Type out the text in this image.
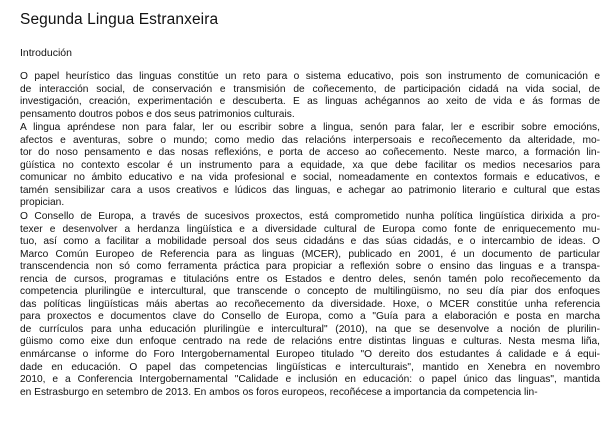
Segunda Lingua Estranxeira
Introdución

O papel heurístico das linguas constitúe un reto para o sistema educativo, pois son instrumento de comunicación e
de interacción social, de conservación e transmisión de coñecemento, de participación cidadá na vida social, de
investigación, creación, experimentación e descuberta. E as linguas achégannos ao xeito de vida e ás formas de
pensamento doutros pobos e dos seus patrimonios culturais.

A lingua apréndese non para falar, ler ou escribir sobre a lingua, senón para falar, ler e escribir sobre emocións,
afectos e aventuras, sobre o mundo; como medio das relacións interpersoais e recoñecemento da alteridade, mo-
tor do noso pensamento e das nosas reflexións, e porta de acceso ao coñecemento. Neste marco, a formación lin-
güística no contexto escolar é un instrumento para a equidade, xa que debe facilitar os medios necesarios para
comunicar no ámbito educativo e na vida profesional e social, nomeadamente en contextos formais e educativos, e
tamén sensibilizar cara a usos creativos e lúdicos das linguas, e achegar ao patrimonio literario e cultural que estas
propician.

O Consello de Europa, a través de sucesivos proxectos, está comprometido nunha política lingüística dirixida a pro-
texer e desenvolver a herdanza lingüística e a diversidade cultural de Europa como fonte de enriquecemento mu-
tuo, así como a facilitar a mobilidade persoal dos seus cidadáns e das súas cidadás, e o intercambio de ideas. O
Marco Común Europeo de Referencia para as linguas (MCER), publicado en 2001, é un documento de particular
transcendencia non só como ferramenta práctica para propiciar a reflexión sobre o ensino das linguas e a transpa-
rencia de cursos, programas e titulacións entre os Estados e dentro deles, senón tamén polo recoñecemento da
competencia plurilingüe e intercultural, que transcende o concepto de multilingüismo, no seu día piar dos enfoques
das políticas lingüísticas máis abertas ao recoñecemento da diversidade. Hoxe, o MCER constitúe unha referencia
para proxectos e documentos clave do Consello de Europa, como a "Guía para a elaboración e posta en marcha
de currículos para unha educación plurilingüe e intercultural" (2010), na que se desenvolve a noción de plurilin-
güismo como eixe dun enfoque centrado na rede de relacións entre distintas linguas e culturas. Nesta mesma liña,
enmárcanse o informe do Foro Intergobernamental Europeo titulado "O dereito dos estudantes á calidade e á equi-
dade en educación. O papel das competencias lingüísticas e interculturais", mantido en Xenebra en novembro
2010, e a Conferencia Intergobernamental "Calidade e inclusión en educación: o papel único das linguas", mantida
en Estrasburgo en setembro de 2013. En ambos os foros europeos, recoñécese a importancia da competencia lin-
